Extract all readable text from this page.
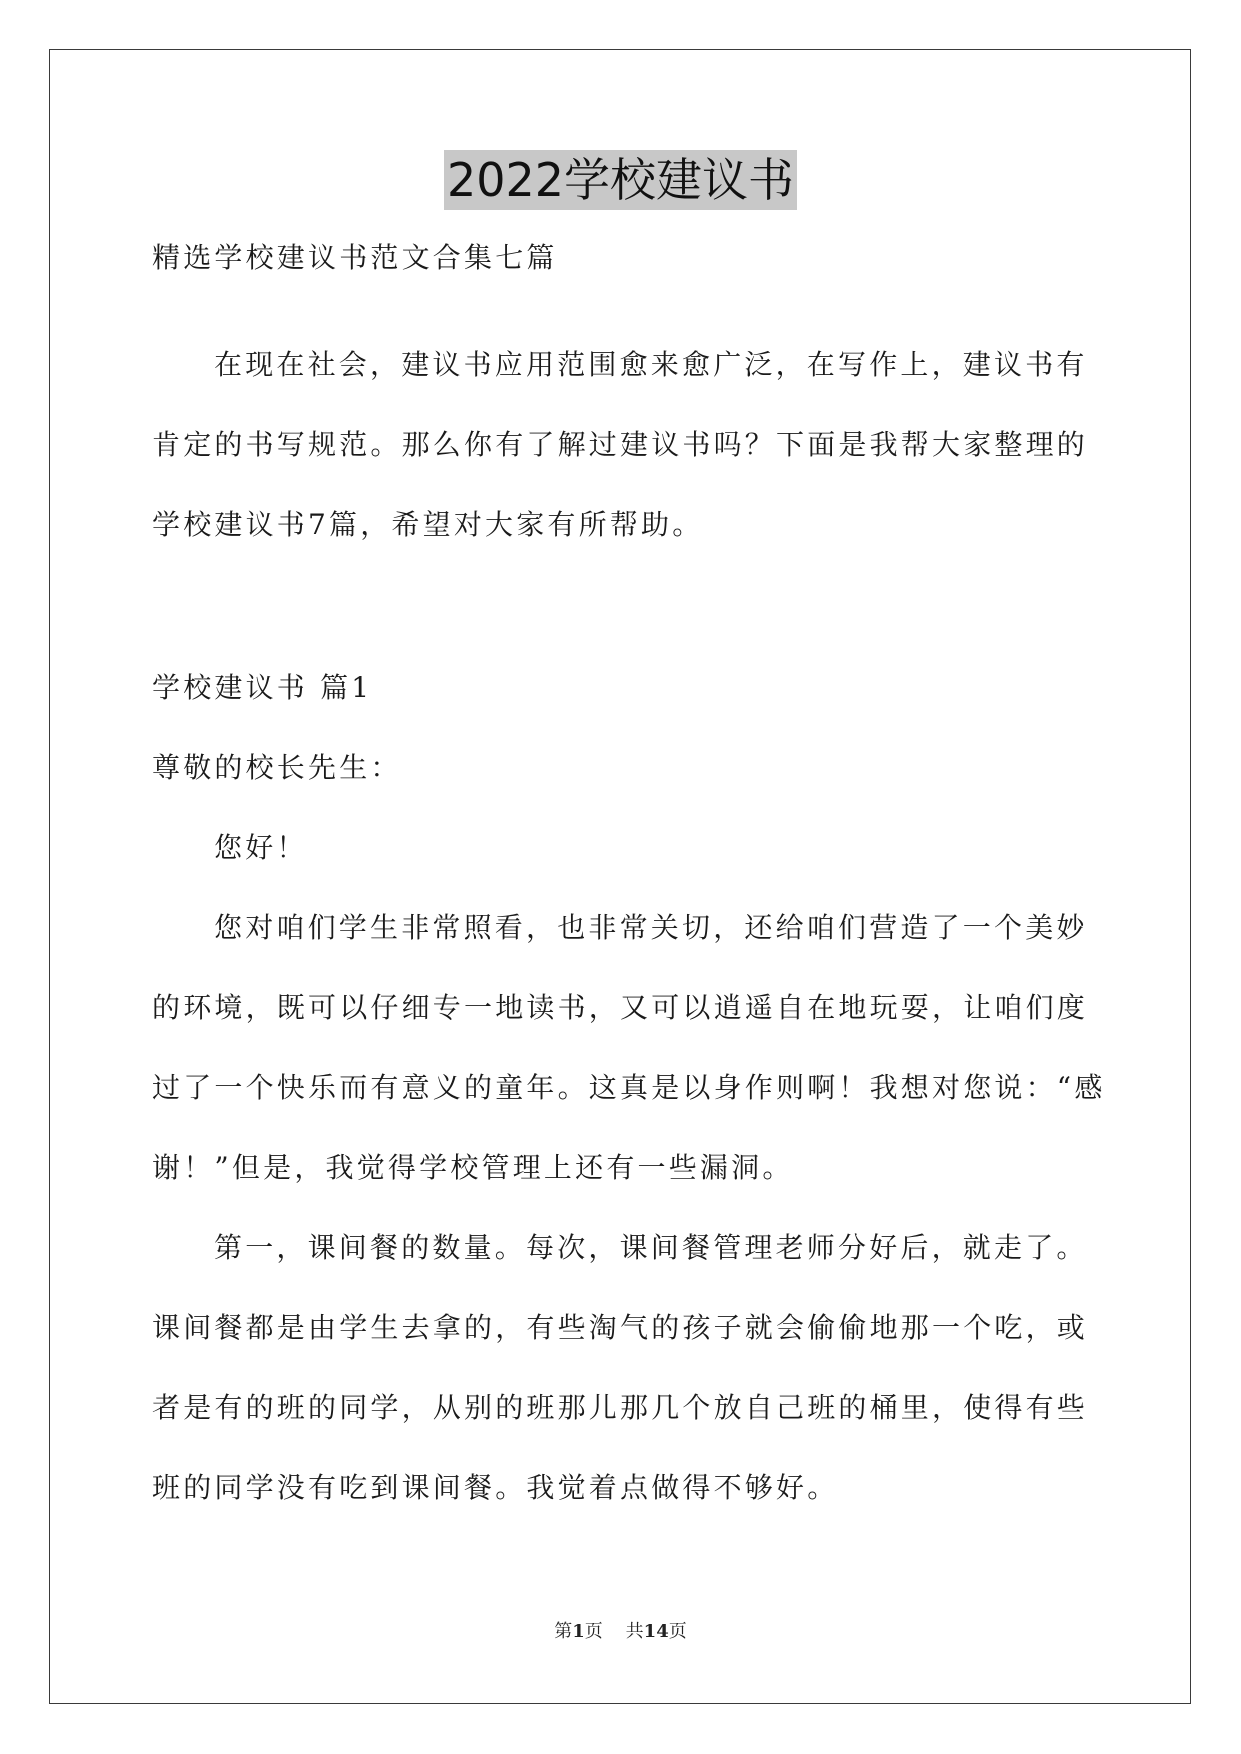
2022学校建议书
精选学校建议书范文合集七篇
在现在社会，建议书应用范围愈来愈广泛，在写作上，建议书有
肯定的书写规范。那么你有了解过建议书吗？下面是我帮大家整理的
学校建议书7篇，希望对大家有所帮助。
学校建议书 篇1
尊敬的校长先生：
您好！
您对咱们学生非常照看，也非常关切，还给咱们营造了一个美妙
的环境，既可以仔细专一地读书，又可以逍遥自在地玩耍，让咱们度
过了一个快乐而有意义的童年。这真是以身作则啊！我想对您说：“感
谢！”但是，我觉得学校管理上还有一些漏洞。
第一，课间餐的数量。每次，课间餐管理老师分好后，就走了。
课间餐都是由学生去拿的，有些淘气的孩子就会偷偷地那一个吃，或
者是有的班的同学，从别的班那儿那几个放自己班的桶里，使得有些
班的同学没有吃到课间餐。我觉着点做得不够好。
第1页    共14页
